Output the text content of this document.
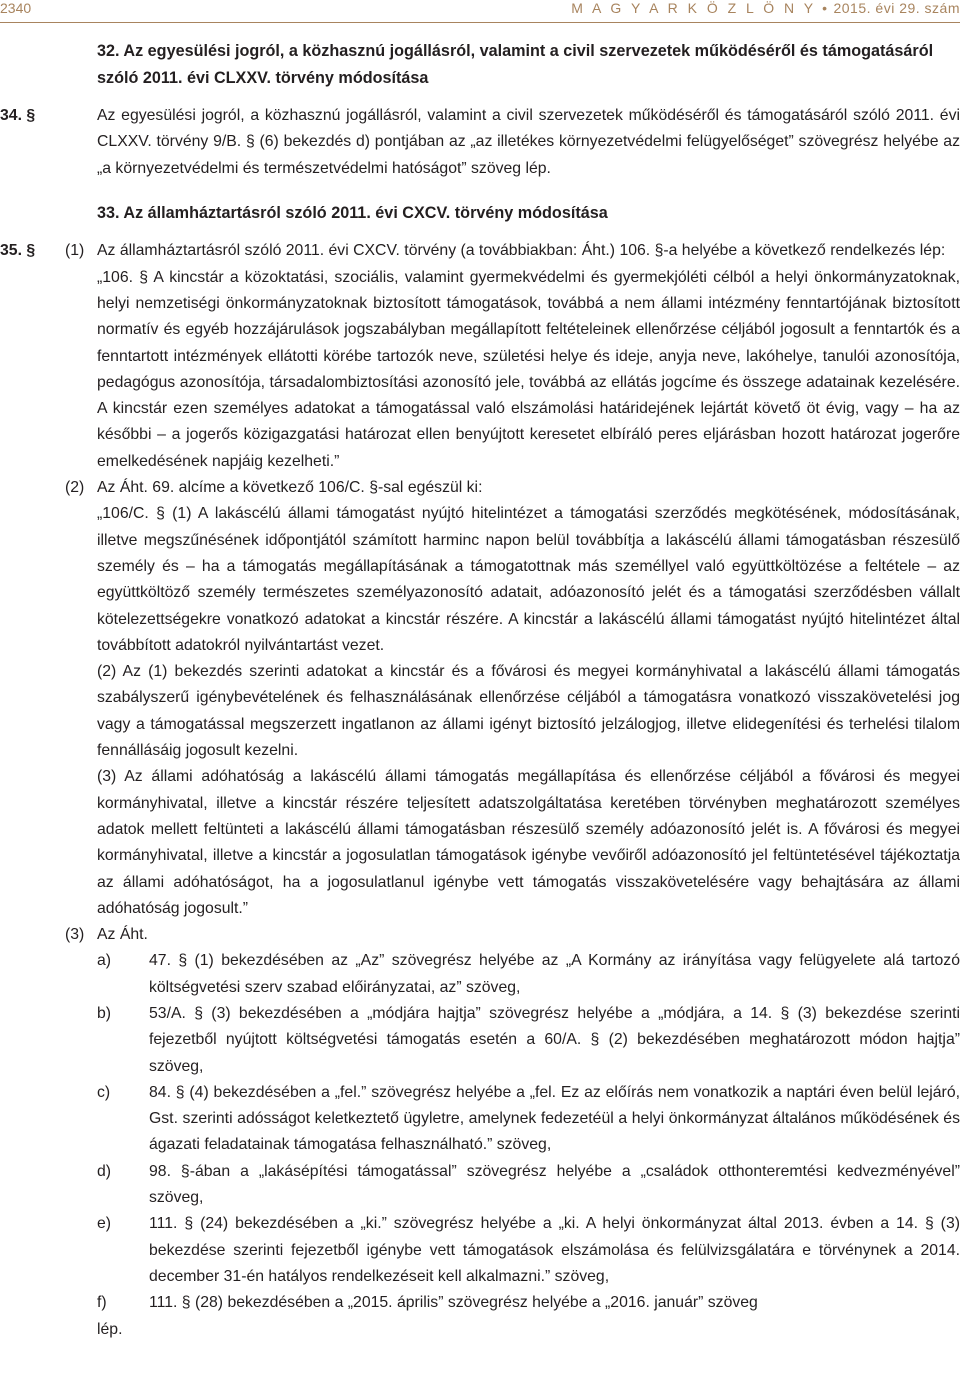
2340	M A G Y A R K Ö Z L Ö N Y • 2015. évi 29. szám
32. Az egyesülési jogról, a közhasznú jogállásról, valamint a civil szervezetek működéséről és támogatásáról szóló 2011. évi CLXXV. törvény módosítása
34. §	Az egyesülési jogról, a közhasznú jogállásról, valamint a civil szervezetek működéséről és támogatásáról szóló 2011. évi CLXXV. törvény 9/B. § (6) bekezdés d) pontjában az „az illetékes környezetvédelmi felügyelőséget” szövegrész helyébe az „a környezetvédelmi és természetvédelmi hatóságot” szöveg lép.
33. Az államháztartásról szóló 2011. évi CXCV. törvény módosítása
35. § (1) Az államháztartásról szóló 2011. évi CXCV. törvény (a továbbiakban: Áht.) 106. §-a helyébe a következő rendelkezés lép:

„106. § A kincstár a közoktatási, szociális, valamint gyermekvédelmi és gyermekjóléti célból a helyi önkormányzatoknak, helyi nemzetiségi önkormányzatoknak biztosított támogatások, továbbá a nem állami intézmény fenntartójának biztosított normatív és egyéb hozzájárulások jogszabályban megállapított feltételeinek ellenőrzése céljából jogosult a fenntartók és a fenntartott intézmények ellátotti körébe tartozók neve, születési helye és ideje, anyja neve, lakóhelye, tanulói azonosítója, pedagógus azonosítója, társadalombiztosítási azonosító jele, továbbá az ellátás jogcíme és összege adatainak kezelésére. A kincstár ezen személyes adatokat a támogatással való elszámolási határidejének lejártát követő öt évig, vagy – ha az későbbi – a jogerős közigazgatási határozat ellen benyújtott keresetet elbíráló peres eljárásban hozott határozat jogerőre emelkedésének napjáig kezelheti.”

(2) Az Áht. 69. alcíme a következő 106/C. §-sal egészül ki:

„106/C. § (1) A lakáscélú állami támogatást nyújtó hitelintézet a támogatási szerződés megkötésének, módosításának, illetve megszűnésének időpontjától számított harminc napon belül továbbítja a lakáscélú állami támogatásban részesülő személy és – ha a támogatás megállapításának a támogatottnak más személlyel való együttköltözése a feltétele – az együttköltöző személy természetes személyazonosító adatait, adóazonosító jelét és a támogatási szerződésben vállalt kötelezettségekre vonatkozó adatokat a kincstár részére. A kincstár a lakáscélú állami támogatást nyújtó hitelintézet által továbbított adatokról nyilvántartást vezet.

(2) Az (1) bekezdés szerinti adatokat a kincstár és a fővárosi és megyei kormányhivatal a lakáscélú állami támogatás szabályszerű igénybevételének és felhasználásának ellenőrzése céljából a támogatásra vonatkozó visszakövetelési jog vagy a támogatással megszerzett ingatlanon az állami igényt biztosító jelzálogjog, illetve elidegenítési és terhelési tilalom fennállásáig jogosult kezelni.

(3) Az állami adóhatóság a lakáscélú állami támogatás megállapítása és ellenőrzése céljából a fővárosi és megyei kormányhivatal, illetve a kincstár részére teljesített adatszolgáltatása keretében törvényben meghatározott személyes adatok mellett feltünteti a lakáscélú állami támogatásban részesülő személy adóazonosító jelét is. A fővárosi és megyei kormányhivatal, illetve a kincstár a jogosulatlan támogatások igénybe vevőiről adóazonosító jel feltüntetésével tájékoztatja az állami adóhatóságot, ha a jogosulatlanul igénybe vett támogatás visszakövetelésére vagy behajtására az állami adóhatóság jogosult.”

(3) Az Áht.

a) 47. § (1) bekezdésében az „Az” szövegrész helyébe az „A Kormány az irányítása vagy felügyelete alá tartozó költségvetési szerv szabad előirányzatai, az” szöveg,
b) 53/A. § (3) bekezdésében a „módjára hajtja” szövegrész helyébe a „módjára, a 14. § (3) bekezdése szerinti fejezetből nyújtott költségvetési támogatás esetén a 60/A. § (2) bekezdésében meghatározott módon hajtja” szöveg,
c) 84. § (4) bekezdésében a „fel.” szövegrész helyébe a „fel. Ez az előírás nem vonatkozik a naptári éven belül lejáró, Gst. szerinti adósságot keletkeztető ügyletre, amelynek fedezetéül a helyi önkormányzat általános működésének és ágazati feladatainak támogatása felhasználható.” szöveg,
d) 98. §-ában a „lakásépítési támogatással” szövegrész helyébe a „családok otthonteremtési kedvezményével” szöveg,
e) 111. § (24) bekezdésében a „ki.” szövegrész helyébe a „ki. A helyi önkormányzat által 2013. évben a 14. § (3) bekezdése szerinti fejezetből igénybe vett támogatások elszámolása és felülvizsgálatára e törvénynek a 2014. december 31-én hatályos rendelkezéseit kell alkalmazni.” szöveg,
f)	111. § (28) bekezdésében a „2015. április” szövegrész helyébe a „2016. január” szöveg
lép.
